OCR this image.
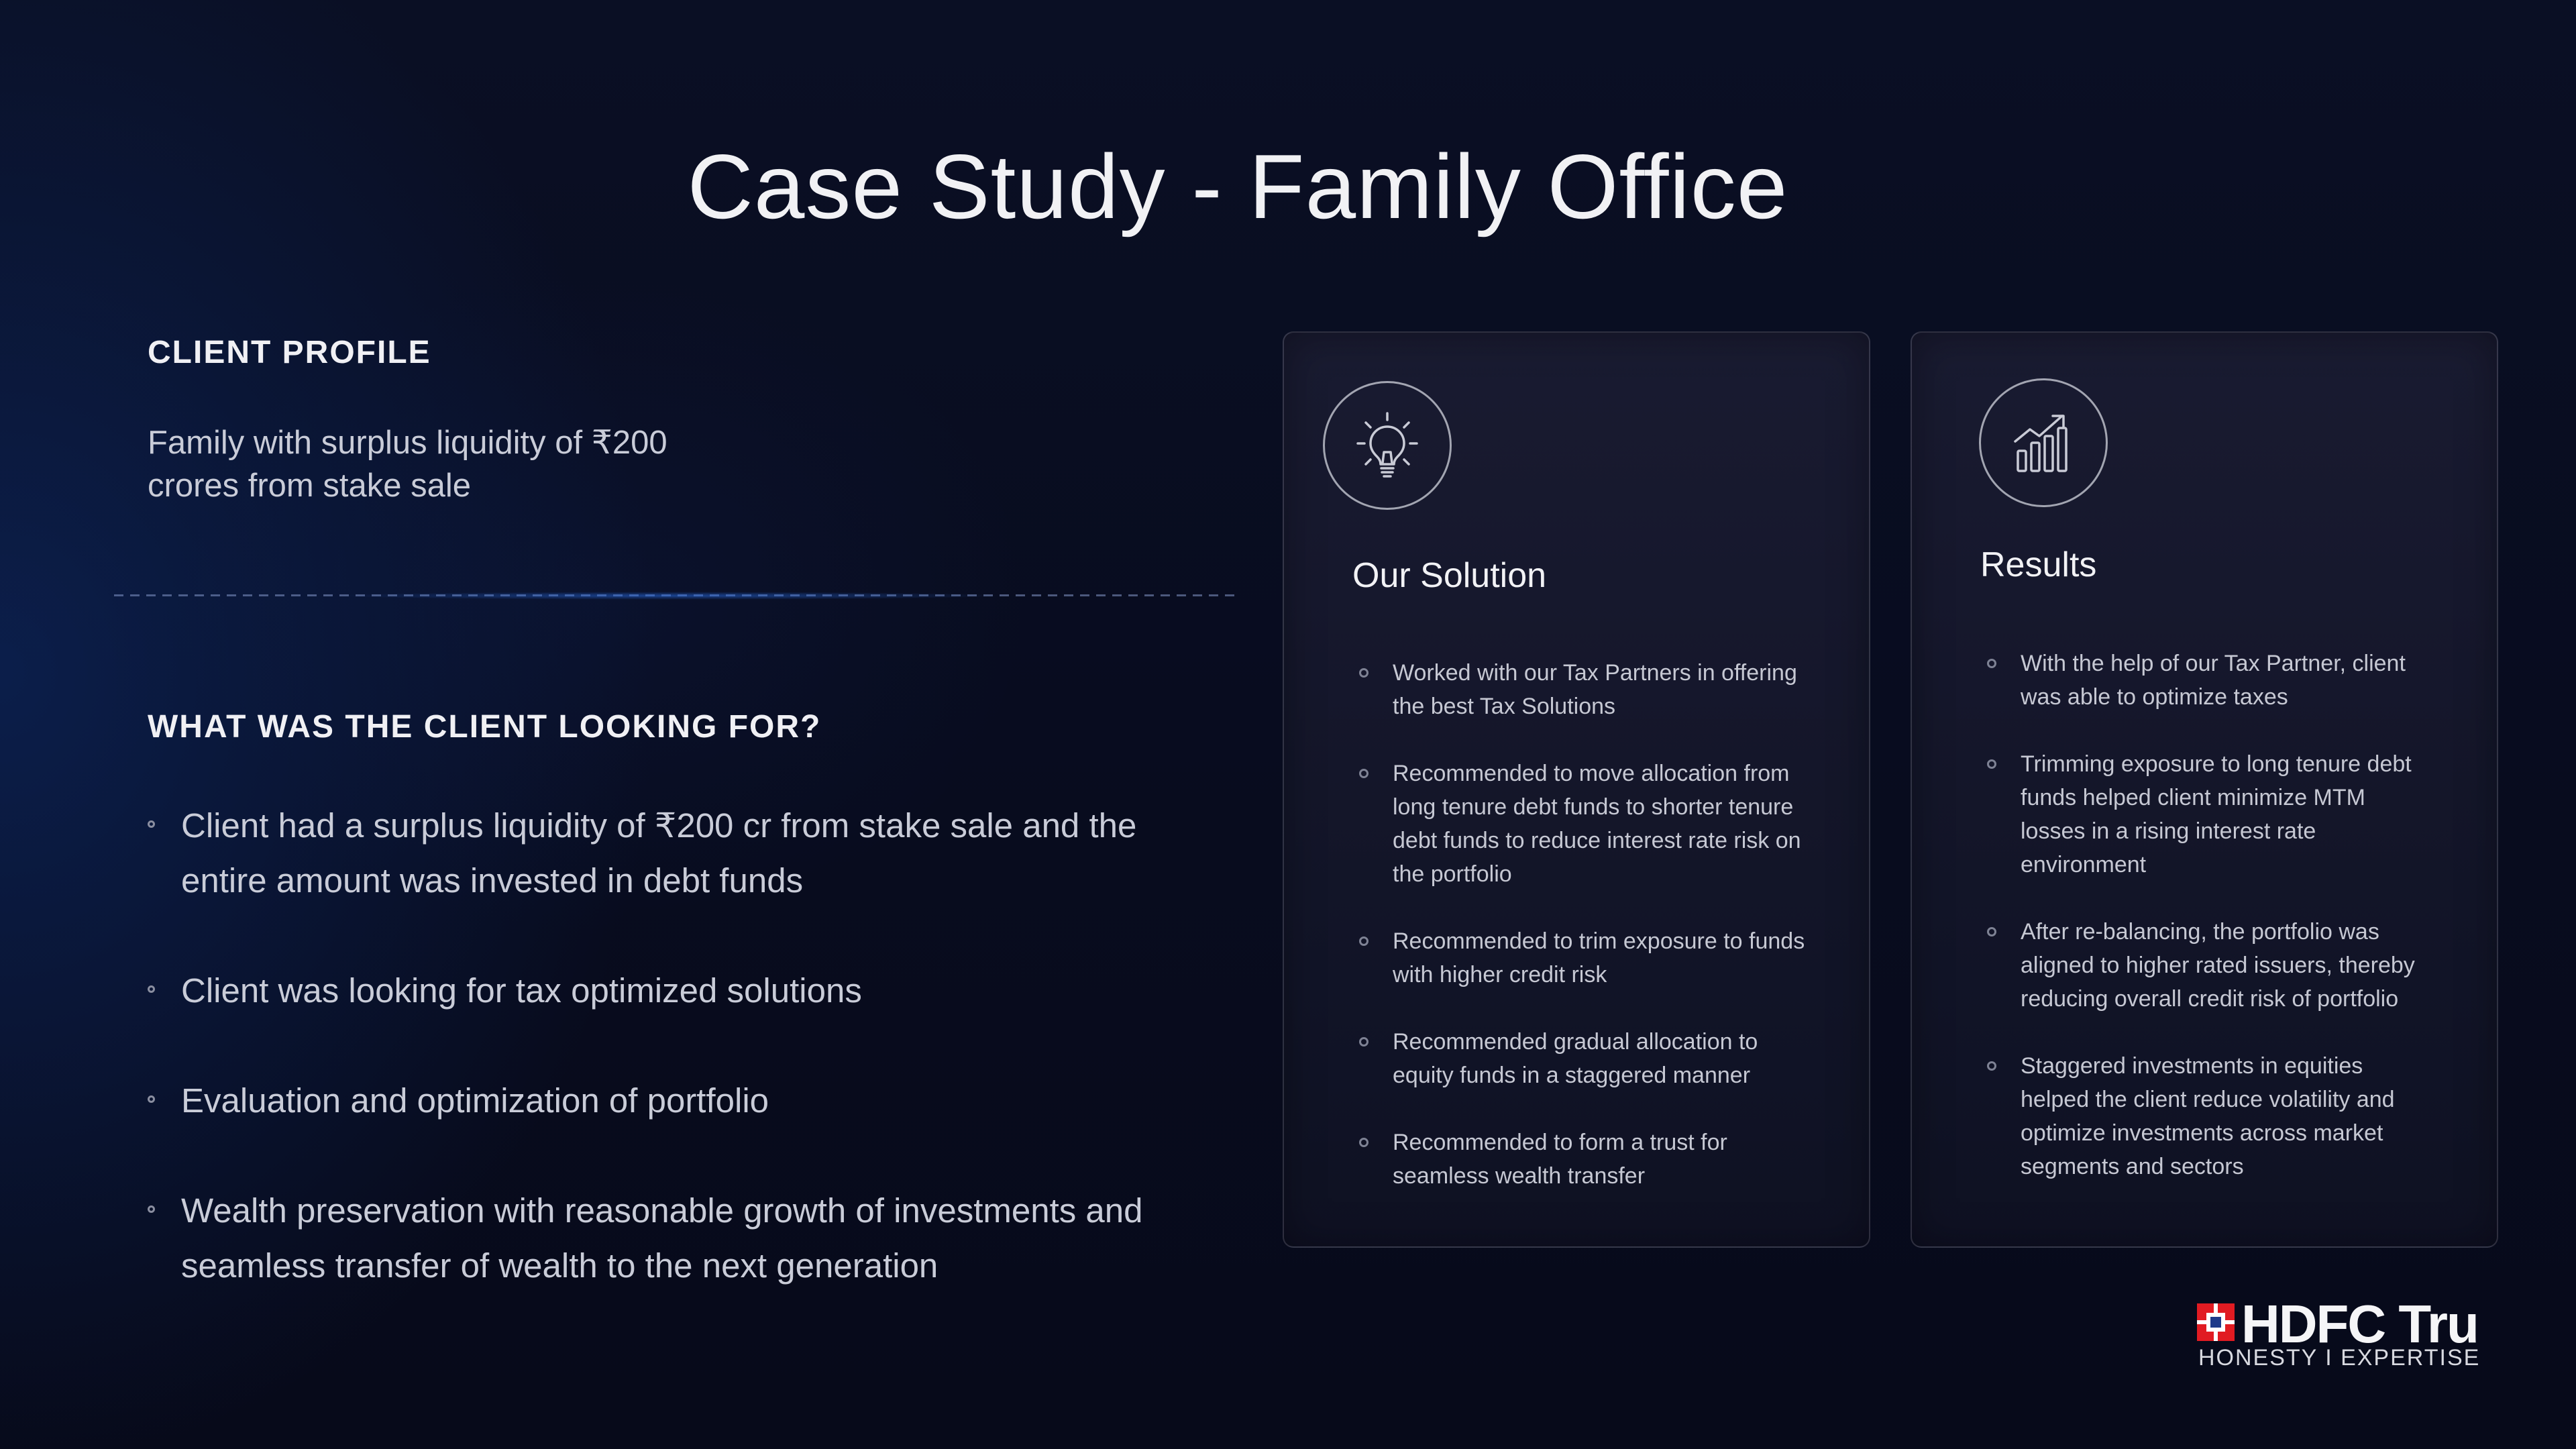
Case Study - Family Office
CLIENT PROFILE
Family with surplus liquidity of ₹200 crores from stake sale
WHAT WAS THE CLIENT LOOKING FOR?
Client had a surplus liquidity of ₹200 cr from stake sale and the entire amount was invested in debt funds
Client was looking for tax optimized solutions
Evaluation and optimization of portfolio
Wealth preservation with reasonable growth of investments and seamless transfer of wealth to the next generation
Our Solution
Worked with our Tax Partners in offering the best Tax Solutions
Recommended to move allocation from long tenure debt funds to shorter tenure debt funds to reduce interest rate risk on the portfolio
Recommended to trim exposure to funds with higher credit risk
Recommended gradual allocation to equity funds in a staggered manner
Recommended to form a trust for seamless wealth transfer
Results
With the help of our Tax Partner, client was able to optimize taxes
Trimming exposure to long tenure debt funds helped client minimize MTM losses in a rising interest rate environment
After re-balancing, the portfolio was aligned to higher rated issuers, thereby reducing overall credit risk of portfolio
Staggered investments in equities helped the client reduce volatility and optimize investments across market segments and sectors
HDFC Tru
HONESTY I EXPERTISE
